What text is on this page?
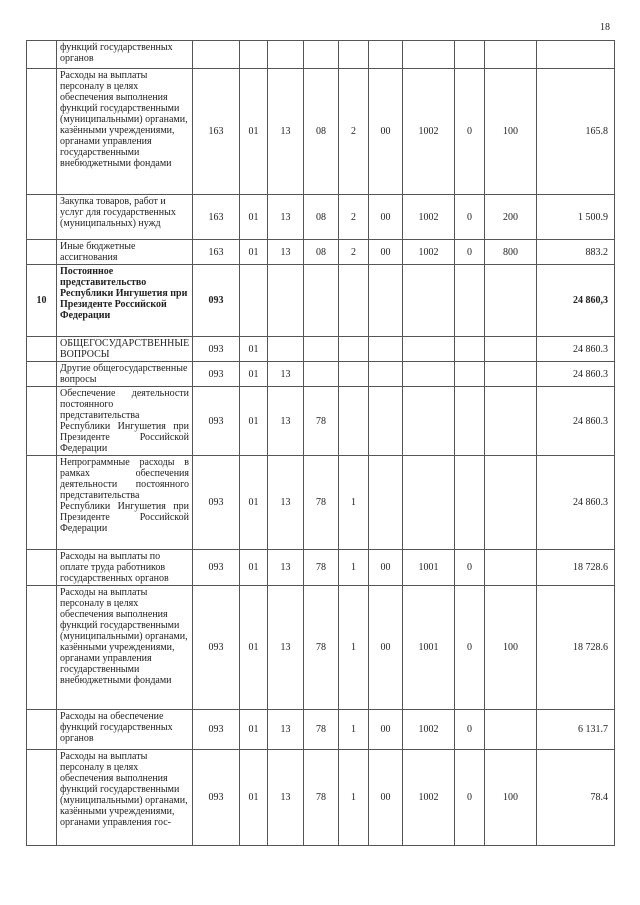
18
	функций государственных органов										
	Расходы на выплаты персоналу в целях обеспечения выполнения функций государственными (муниципальными) органами, казёнными учреждениями, органами управления государственными внебюджетными фондами	163	01	13	08	2	00	1002	0	100	165.8
	Закупка товаров, работ и услуг для государственных (муниципальных) нужд	163	01	13	08	2	00	1002	0	200	1 500.9
	Иные бюджетные ассигнования	163	01	13	08	2	00	1002	0	800	883.2
10	Постоянное представительство Республики Ингушетия при Президенте Российской Федерации	093									24 860,3
	ОБЩЕГОСУДАРСТВЕННЫЕ ВОПРОСЫ	093	01								24 860.3
	Другие общегосударственные вопросы	093	01	13							24 860.3
	Обеспечение деятельности постоянного представительства Республики Ингушетия при Президенте Российской Федерации	093	01	13	78						24 860.3
	Непрограммные расходы в рамках обеспечения деятельности постоянного представительства Республики Ингушетия при Президенте Российской Федерации	093	01	13	78	1					24 860.3
	Расходы на выплаты по оплате труда работников государственных органов	093	01	13	78	1	00	1001	0		18 728.6
	Расходы на выплаты персоналу в целях обеспечения выполнения функций государственными (муниципальными) органами, казёнными учреждениями, органами управления государственными внебюджетными фондами	093	01	13	78	1	00	1001	0	100	18 728.6
	Расходы на обеспечение функций государственных органов	093	01	13	78	1	00	1002	0		6 131.7
	Расходы на выплаты персоналу в целях обеспечения выполнения функций государственными (муниципальными) органами, казёнными учреждениями, органами управления гос-	093	01	13	78	1	00	1002	0	100	78.4
